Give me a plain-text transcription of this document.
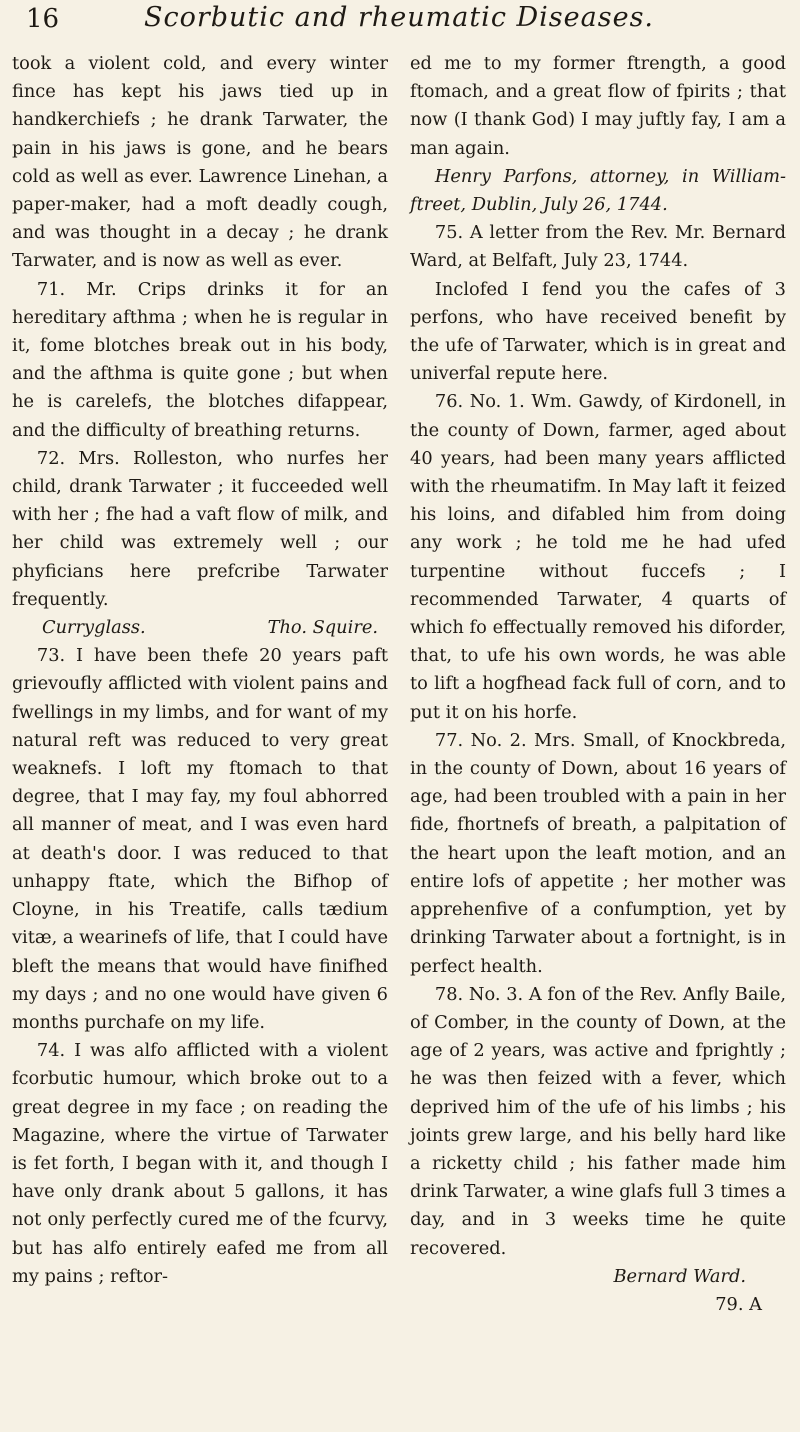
16	Scorbutic and rheumatic Diseases.

took a violent cold, and every winter fince has kept his jaws tied up in handkerchiefs ; he drank Tarwater, the pain in his jaws is gone, and he bears cold as well as ever. Lawrence Linehan, a paper-maker, had a moft deadly cough, and was thought in a decay ; he drank Tarwater, and is now as well as ever.

71. Mr. Crips drinks it for an hereditary afthma ; when he is regular in it, fome blotches break out in his body, and the afthma is quite gone ; but when he is carelefs, the blotches difappear, and the difficulty of breathing returns.

72. Mrs. Rolleston, who nurfes her child, drank Tarwater ; it fucceeded well with her ; fhe had a vaft flow of milk, and her child was extremely well ; our phyficians here prefcribe Tarwater frequently.

Curryglass.	Tho. Squire.

73. I have been thefe 20 years paft grievoufly afflicted with violent pains and fwellings in my limbs, and for want of my natural reft was reduced to very great weaknefs. I loft my ftomach to that degree, that I may fay, my foul abhorred all manner of meat, and I was even hard at death's door. I was reduced to that unhappy ftate, which the Bifhop of Cloyne, in his Treatife, calls tædium vitæ, a wearinefs of life, that I could have bleft the means that would have finifhed my days ; and no one would have given 6 months purchafe on my life.

74. I was alfo afflicted with a violent fcorbutic humour, which broke out to a great degree in my face ; on reading the Magazine, where the virtue of Tarwater is fet forth, I began with it, and though I have only drank about 5 gallons, it has not only perfectly cured me of the fcurvy, but has alfo entirely eafed me from all my pains ; reftor-

ed me to my former ftrength, a good ftomach, and a great flow of fpirits ; that now (I thank God) I may juftly fay, I am a man again.

Henry Parfons, attorney, in William-ftreet, Dublin, July 26, 1744.

75. A letter from the Rev. Mr. Bernard Ward, at Belfaft, July 23, 1744.

Inclofed I fend you the cafes of 3 perfons, who have received benefit by the ufe of Tarwater, which is in great and univerfal repute here.

76. No. 1. Wm. Gawdy, of Kirdonell, in the county of Down, farmer, aged about 40 years, had been many years afflicted with the rheumatifm. In May laft it feized his loins, and difabled him from doing any work ; he told me he had ufed turpentine without fuccefs ; I recommended Tarwater, 4 quarts of which fo effectually removed his diforder, that, to ufe his own words, he was able to lift a hogfhead fack full of corn, and to put it on his horfe.

77. No. 2. Mrs. Small, of Knockbreda, in the county of Down, about 16 years of age, had been troubled with a pain in her fide, fhortnefs of breath, a palpitation of the heart upon the leaft motion, and an entire lofs of appetite ; her mother was apprehenfive of a confumption, yet by drinking Tarwater about a fortnight, is in perfect health.

78. No. 3. A fon of the Rev. Anfly Baile, of Comber, in the county of Down, at the age of 2 years, was active and fprightly ; he was then feized with a fever, which deprived him of the ufe of his limbs ; his joints grew large, and his belly hard like a ricketty child ; his father made him drink Tarwater, a wine glafs full 3 times a day, and in 3 weeks time he quite recovered.

Bernard Ward.
79. A
